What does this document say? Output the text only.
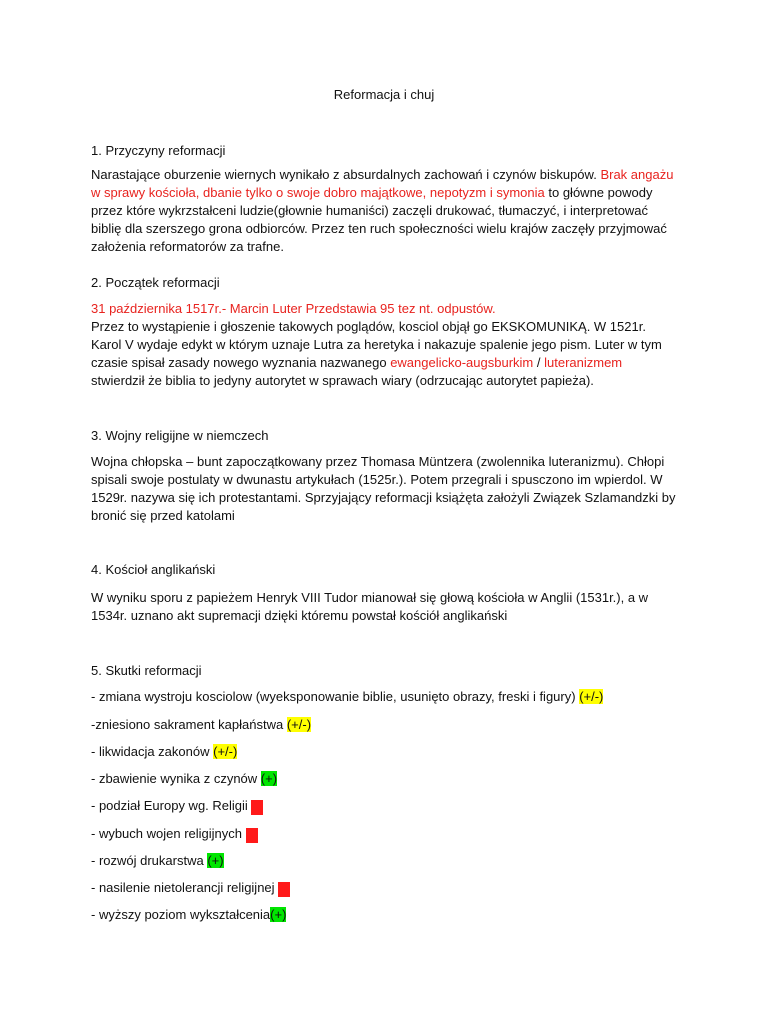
Reformacja i chuj
1. Przyczyny reformacji

Narastające oburzenie wiernych wynikało z absurdalnych zachowań i czynów biskupów. Brak angażu w sprawy kościoła, dbanie tylko o swoje dobro majątkowe, nepotyzm i symonia to główne powody przez które wykrzstałceni ludzie(głownie humaniści) zaczęli drukować, tłumaczyć, i interpretować biblię dla szerszego grona odbiorców. Przez ten ruch społeczności wielu krajów zaczęły przyjmować założenia reformatorów za trafne.

2. Początek reformacji

31 października 1517r.- Marcin Luter Przedstawia 95 tez nt. odpustów.

Przez to wystąpienie i głoszenie takowych poglądów, kosciol objął go EKSKOMUNIKĄ. W 1521r. Karol V wydaje edykt w którym uznaje Lutra za heretyka i nakazuje spalenie jego pism. Luter w tym czasie spisał zasady nowego wyznania nazwanego ewangelicko-augsburkim / luteranizmem stwierdził że biblia to jedyny autorytet w sprawach wiary (odrzucając autorytet papieża).

3. Wojny religijne w niemczech

Wojna chłopska – bunt zapoczątkowany przez Thomasa Müntzera (zwolennika luteranizmu). Chłopi spisali swoje postulaty w dwunastu artykułach (1525r.). Potem przegrali i spusczono im wpierdol. W 1529r. nazywa się ich protestantami. Sprzyjający reformacji książęta założyli Związek Szlamandzki by bronić się przed katolami

4. Kościoł anglikański

W wyniku sporu z papieżem Henryk VIII Tudor mianował się głową kościoła w Anglii (1531r.), a w 1534r. uznano akt supremacji dzięki któremu powstał kościół anglikański

5. Skutki reformacji
- zmiana wystroju kosciolow (wyeksponowanie biblie, usunięto obrazy, freski i figury) (+/-)
-zniesiono sakrament kapłaństwa (+/-)
- likwidacja zakonów (+/-)
- zbawienie wynika z czynów (+)
- podział Europy wg. Religii (-)
- wybuch wojen religijnych (-)
- rozwój drukarstwa (+)
- nasilenie nietolerancji religijnej (-)
- wyższy poziom wykształcenia(+)
